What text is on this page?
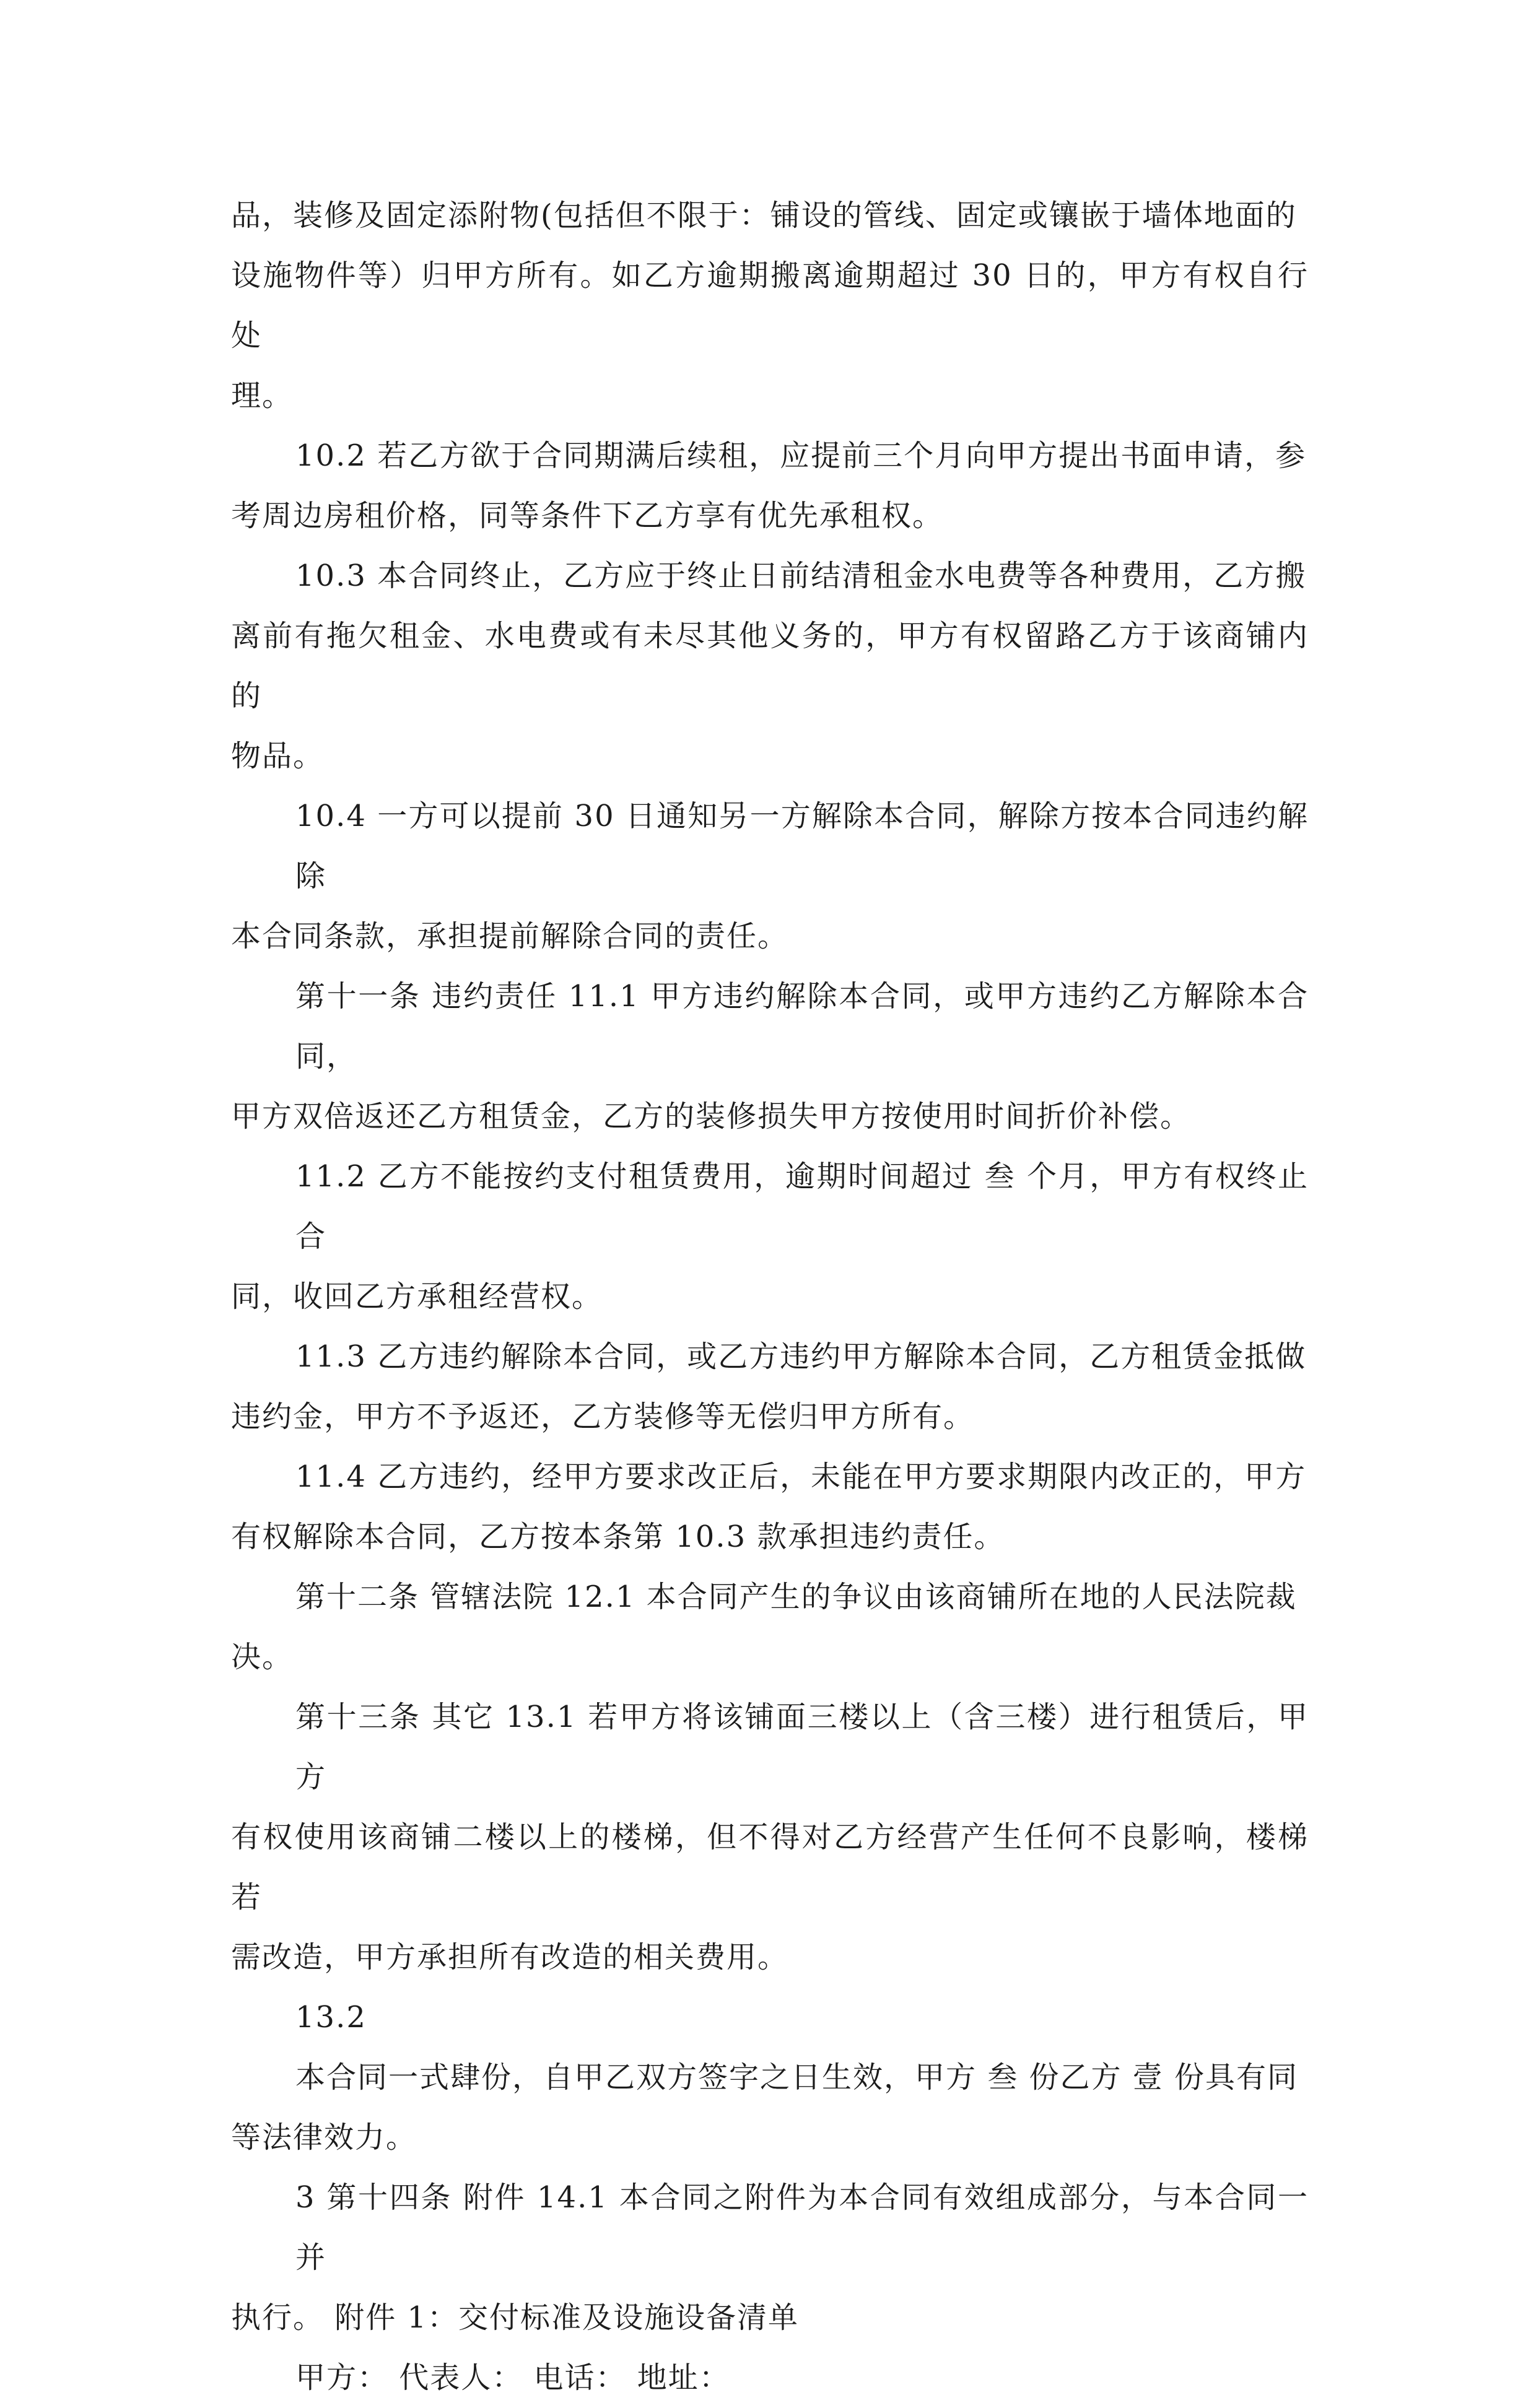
品，装修及固定添附物(包括但不限于：铺设的管线、固定或镶嵌于墙体地面的
设施物件等）归甲方所有。如乙方逾期搬离逾期超过 30 日的，甲方有权自行处
理。

10.2 若乙方欲于合同期满后续租，应提前三个月向甲方提出书面申请，参
考周边房租价格，同等条件下乙方享有优先承租权。

10.3 本合同终止，乙方应于终止日前结清租金水电费等各种费用，乙方搬
离前有拖欠租金、水电费或有未尽其他义务的，甲方有权留路乙方于该商铺内的
物品。

10.4 一方可以提前 30 日通知另一方解除本合同，解除方按本合同违约解除
本合同条款，承担提前解除合同的责任。

第十一条 违约责任 11.1 甲方违约解除本合同，或甲方违约乙方解除本合同，
甲方双倍返还乙方租赁金，乙方的装修损失甲方按使用时间折价补偿。

11.2 乙方不能按约支付租赁费用，逾期时间超过 叁 个月，甲方有权终止合
同，收回乙方承租经营权。

11.3 乙方违约解除本合同，或乙方违约甲方解除本合同，乙方租赁金抵做
违约金，甲方不予返还，乙方装修等无偿归甲方所有。

11.4 乙方违约，经甲方要求改正后，未能在甲方要求期限内改正的，甲方
有权解除本合同，乙方按本条第 10.3 款承担违约责任。

第十二条 管辖法院 12.1 本合同产生的争议由该商铺所在地的人民法院裁
决。

第十三条 其它 13.1 若甲方将该铺面三楼以上（含三楼）进行租赁后，甲方
有权使用该商铺二楼以上的楼梯，但不得对乙方经营产生任何不良影响，楼梯若
需改造，甲方承担所有改造的相关费用。

13.2

本合同一式肆份，自甲乙双方签字之日生效，甲方 叁 份乙方 壹 份具有同

等法律效力。

3 第十四条 附件 14.1 本合同之附件为本合同有效组成部分，与本合同一并
执行。 附件 1：交付标准及设施设备清单

甲方： 代表人： 电话： 地址：
